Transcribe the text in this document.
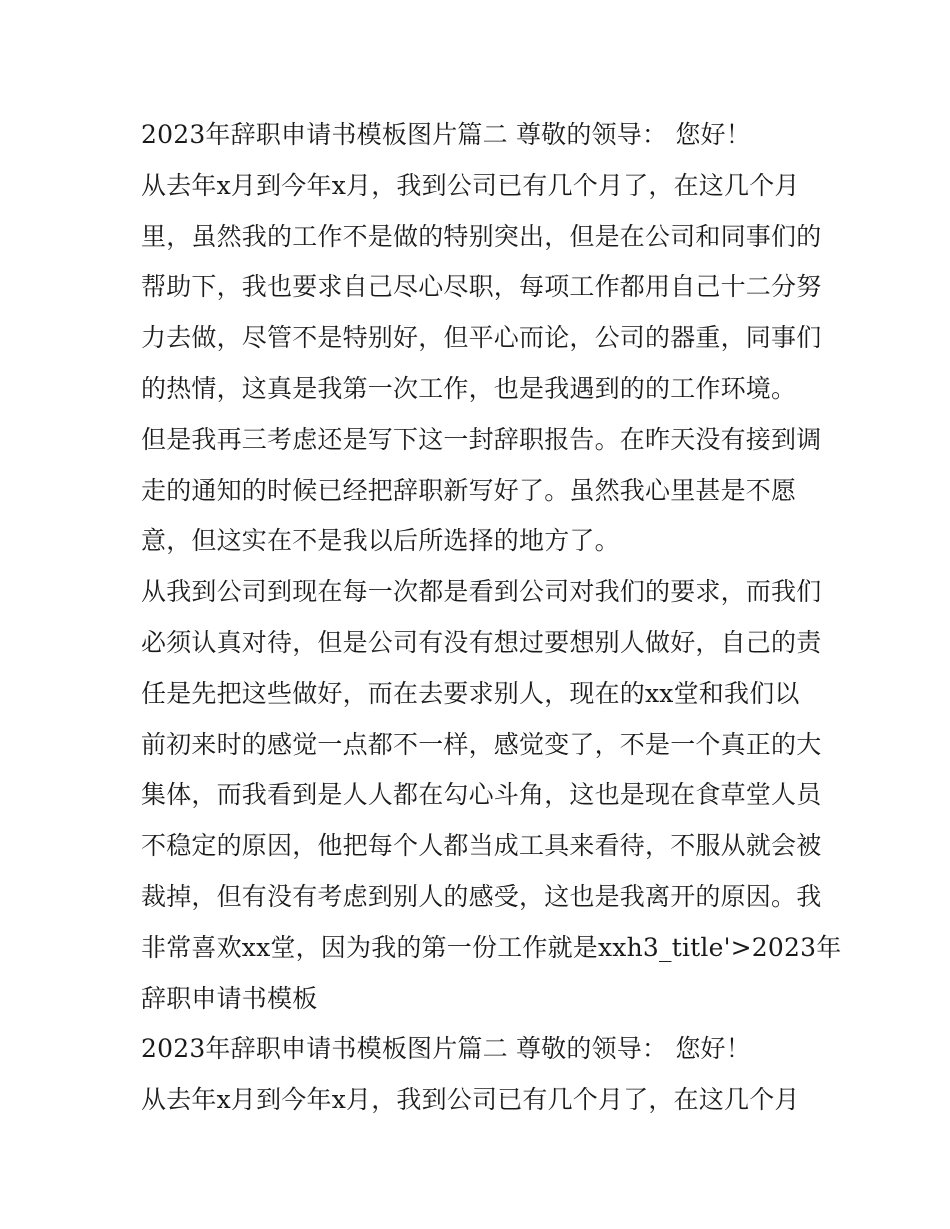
2023年辞职申请书模板图片篇二 尊敬的领导： 您好！
从去年x月到今年x月，我到公司已有几个月了，在这几个月
里，虽然我的工作不是做的特别突出，但是在公司和同事们的
帮助下，我也要求自己尽心尽职，每项工作都用自己十二分努
力去做，尽管不是特别好，但平心而论，公司的器重，同事们
的热情，这真是我第一次工作，也是我遇到的的工作环境。
但是我再三考虑还是写下这一封辞职报告。在昨天没有接到调
走的通知的时候已经把辞职新写好了。虽然我心里甚是不愿
意，但这实在不是我以后所选择的地方了。
从我到公司到现在每一次都是看到公司对我们的要求，而我们
必须认真对待，但是公司有没有想过要想别人做好，自己的责
任是先把这些做好，而在去要求别人，现在的xx堂和我们以
前初来时的感觉一点都不一样，感觉变了，不是一个真正的大
集体，而我看到是人人都在勾心斗角，这也是现在食草堂人员
不稳定的原因，他把每个人都当成工具来看待，不服从就会被
裁掉，但有没有考虑到别人的感受，这也是我离开的原因。我
非常喜欢xx堂，因为我的第一份工作就是xxh3_title'>2023年
辞职申请书模板
2023年辞职申请书模板图片篇二 尊敬的领导： 您好！
从去年x月到今年x月，我到公司已有几个月了，在这几个月
